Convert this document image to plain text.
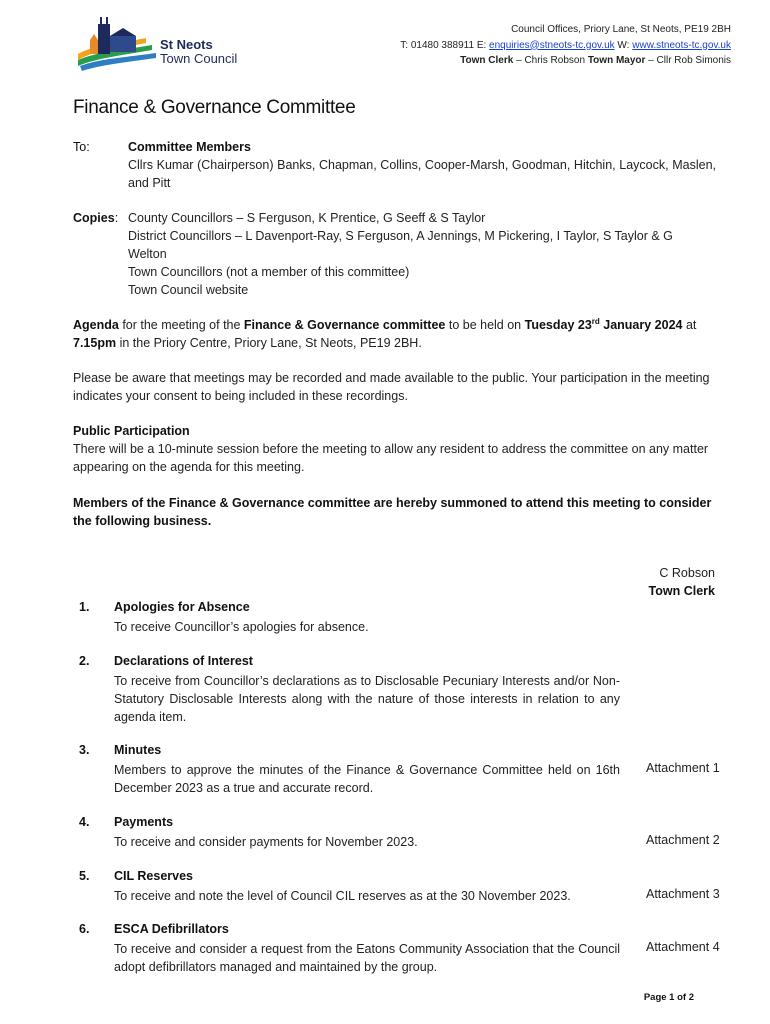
St Neots
Town Council
Council Offices, Priory Lane, St Neots, PE19 2BH
T: 01480 388911 E: enquiries@stneots-tc.gov.uk W: www.stneots-tc.gov.uk
Town Clerk – Chris Robson Town Mayor – Cllr Rob Simonis
Finance & Governance Committee
To:	Committee Members
Cllrs Kumar (Chairperson) Banks, Chapman, Collins, Cooper-Marsh, Goodman, Hitchin, Laycock, Maslen, and Pitt
Copies: County Councillors – S Ferguson, K Prentice, G Seeff & S Taylor
District Councillors – L Davenport-Ray, S Ferguson, A Jennings, M Pickering, I Taylor, S Taylor & G Welton
Town Councillors (not a member of this committee)
Town Council website
Agenda for the meeting of the Finance & Governance committee to be held on Tuesday 23rd January 2024 at 7.15pm in the Priory Centre, Priory Lane, St Neots, PE19 2BH.
Please be aware that meetings may be recorded and made available to the public. Your participation in the meeting indicates your consent to being included in these recordings.
Public Participation
There will be a 10-minute session before the meeting to allow any resident to address the committee on any matter appearing on the agenda for this meeting.
Members of the Finance & Governance committee are hereby summoned to attend this meeting to consider the following business.
C Robson
Town Clerk
1. Apologies for Absence
To receive Councillor’s apologies for absence.
2. Declarations of Interest
To receive from Councillor’s declarations as to Disclosable Pecuniary Interests and/or Non-Statutory Disclosable Interests along with the nature of those interests in relation to any agenda item.
3. Minutes
Members to approve the minutes of the Finance & Governance Committee held on 16th December 2023 as a true and accurate record.
Attachment 1
4. Payments
To receive and consider payments for November 2023.	Attachment 2
5. CIL Reserves
To receive and note the level of Council CIL reserves as at the 30 November 2023.	Attachment 3
6. ESCA Defibrillators
To receive and consider a request from the Eatons Community Association that the Council adopt defibrillators managed and maintained by the group.
Attachment 4
Page 1 of 2
